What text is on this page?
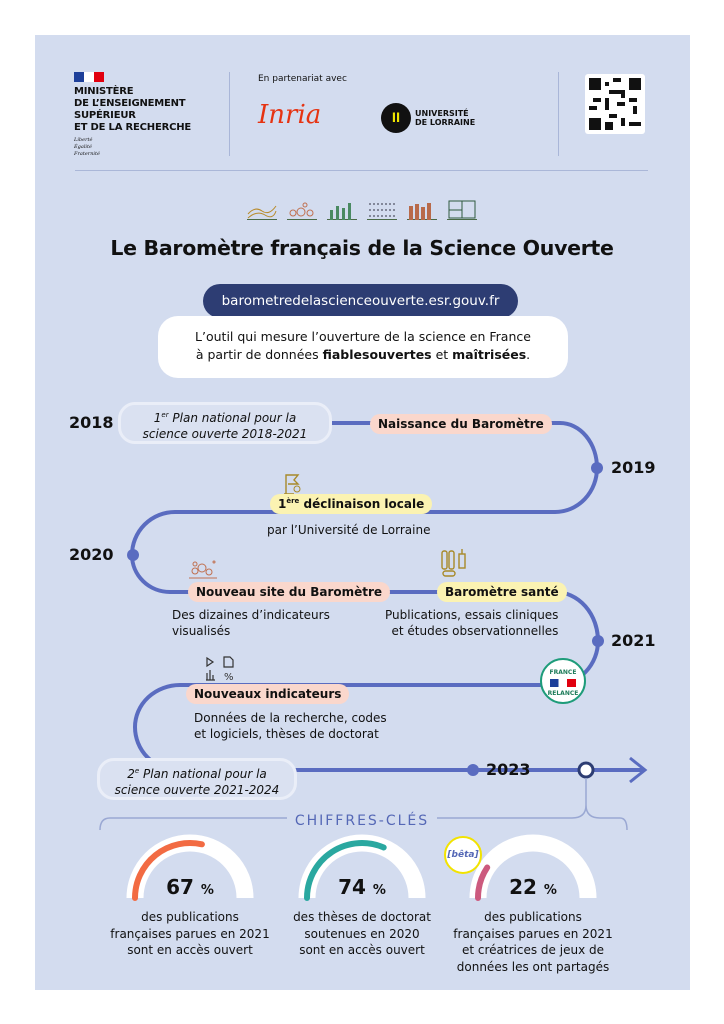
MINISTÈRE
DE L’ENSEIGNEMENT
SUPÉRIEUR
ET DE LA RECHERCHE
Liberté
Égalité
Fraternité
En partenariat avec
Inria	ll	UNIVERSITÉ
DE LORRAINE
Le Baromètre français de la Science Ouverte
barometredelascienceouverte.esr.gouv.fr
L’outil qui mesure l’ouverture de la science en France
à partir de données fiablesouvertes et maîtrisées.
2018
2019
2020
2021
2023
1er Plan national pour la
science ouverte 2018-2021
Naissance du Baromètre
1ère déclinaison locale
par l’Université de Lorraine
Nouveau site du Baromètre
Des dizaines d’indicateurs
visualisés
Baromètre santé
Publications, essais cliniques
et études observationnelles
FRANCE
RELANCE
%
Nouveaux indicateurs
Données de la recherche, codes
et logiciels, thèses de doctorat
2e Plan national pour la
science ouverte 2021-2024
CHIFFRES-CLÉS
[bêta]
67 %
des publications
françaises parues en 2021
sont en accès ouvert
74 %
des thèses de doctorat
soutenues en 2020
sont en accès ouvert
22 %
des publications
françaises parues en 2021
et créatrices de jeux de
données les ont partagés
